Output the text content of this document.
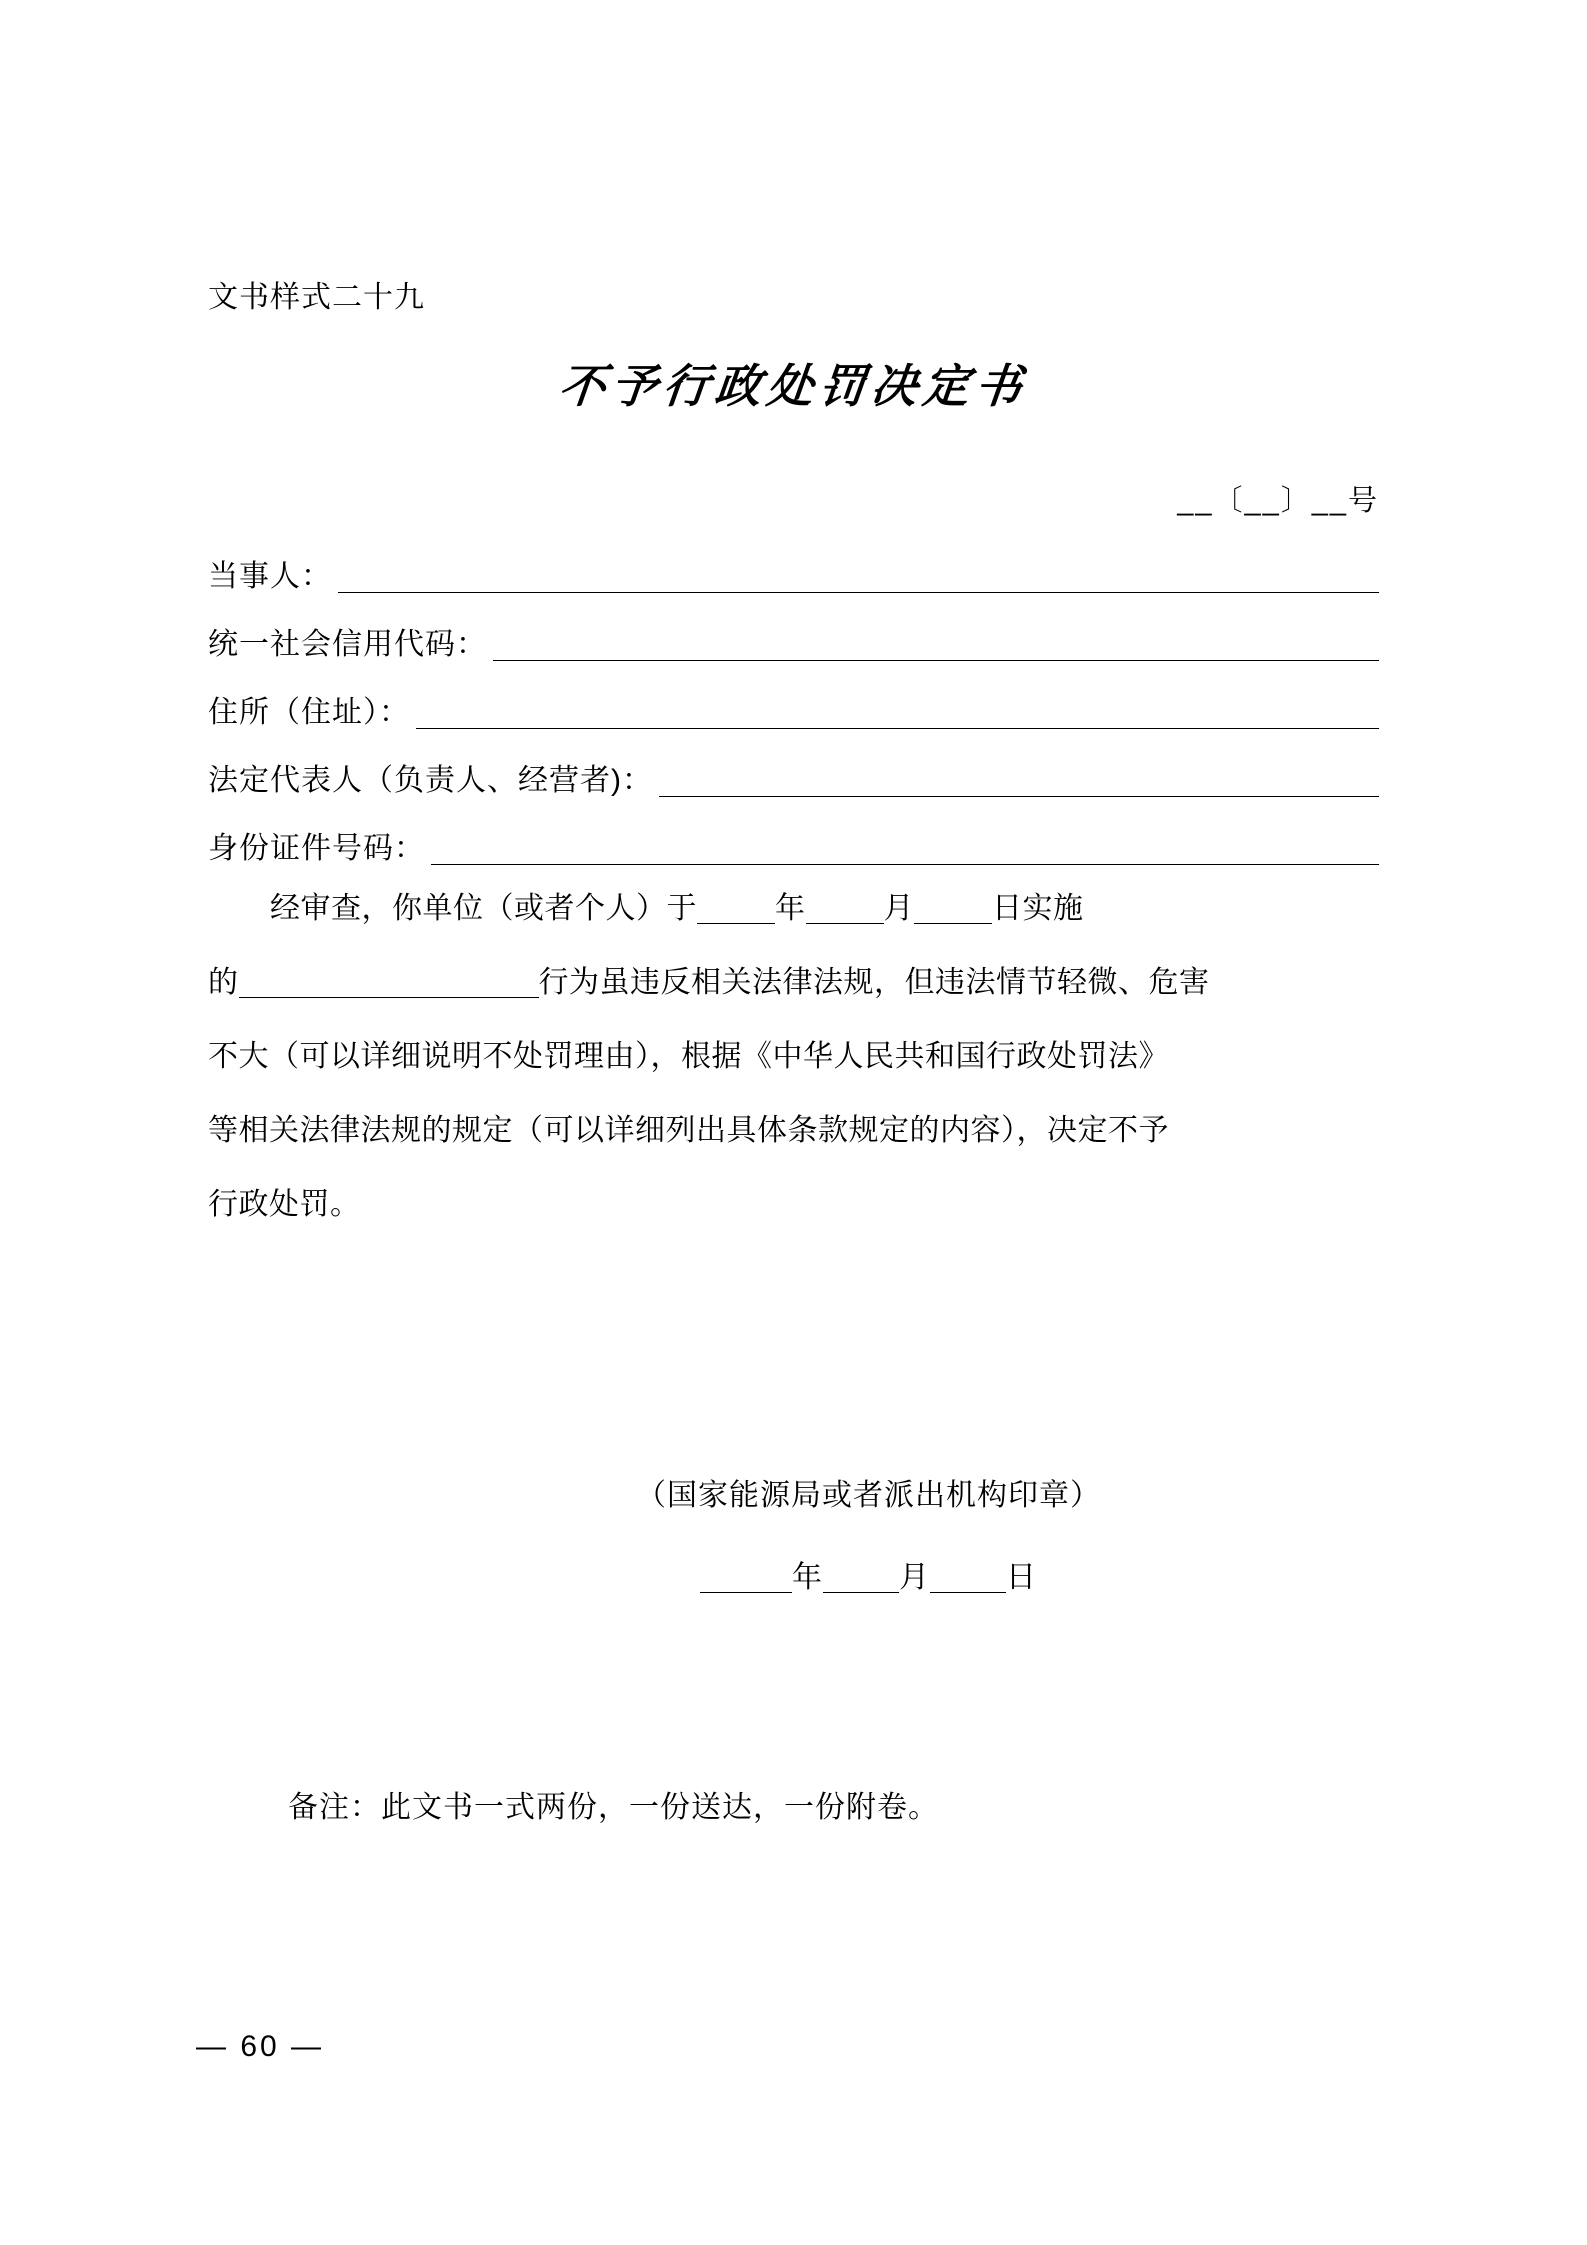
文书样式二十九
不予行政处罚决定书
__〔__〕__号
当事人：
统一社会信用代码：
住所（住址）：
法定代表人（负责人、经营者)：
身份证件号码：

经审查，你单位（或者个人）于	年	月	日实施

的	行为虽违反相关法律法规，但违法情节轻微、危害

不大（可以详细说明不处罚理由），根据《中华人民共和国行政处罚法》

等相关法律法规的规定（可以详细列出具体条款规定的内容），决定不予

行政处罚。

（国家能源局或者派出机构印章）
年	月	日
备注：此文书一式两份，一份送达，一份附卷。
— 60 —
